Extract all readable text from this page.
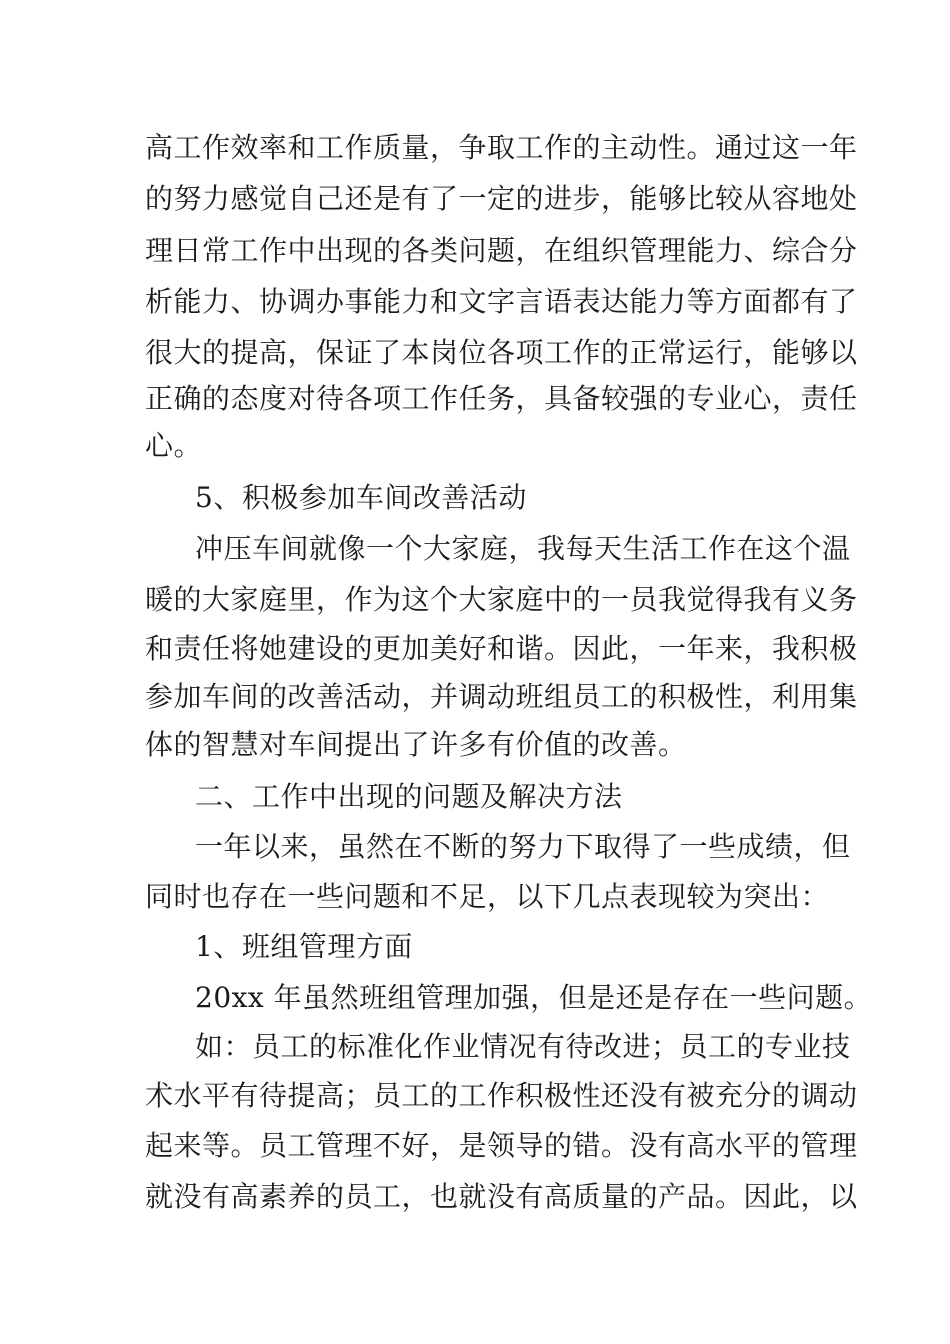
高工作效率和工作质量，争取工作的主动性。通过这一年
的努力感觉自己还是有了一定的进步，能够比较从容地处
理日常工作中出现的各类问题，在组织管理能力、综合分
析能力、协调办事能力和文字言语表达能力等方面都有了
很大的提高，保证了本岗位各项工作的正常运行，能够以
正确的态度对待各项工作任务，具备较强的专业心，责任
心。
5、积极参加车间改善活动
冲压车间就像一个大家庭，我每天生活工作在这个温
暖的大家庭里，作为这个大家庭中的一员我觉得我有义务
和责任将她建设的更加美好和谐。因此，一年来，我积极
参加车间的改善活动，并调动班组员工的积极性，利用集
体的智慧对车间提出了许多有价值的改善。
二、工作中出现的问题及解决方法
一年以来，虽然在不断的努力下取得了一些成绩，但
同时也存在一些问题和不足，以下几点表现较为突出：
1、班组管理方面
20xx 年虽然班组管理加强，但是还是存在一些问题。
如：员工的标准化作业情况有待改进；员工的专业技
术水平有待提高；员工的工作积极性还没有被充分的调动
起来等。员工管理不好，是领导的错。没有高水平的管理
就没有高素养的员工，也就没有高质量的产品。因此，以
